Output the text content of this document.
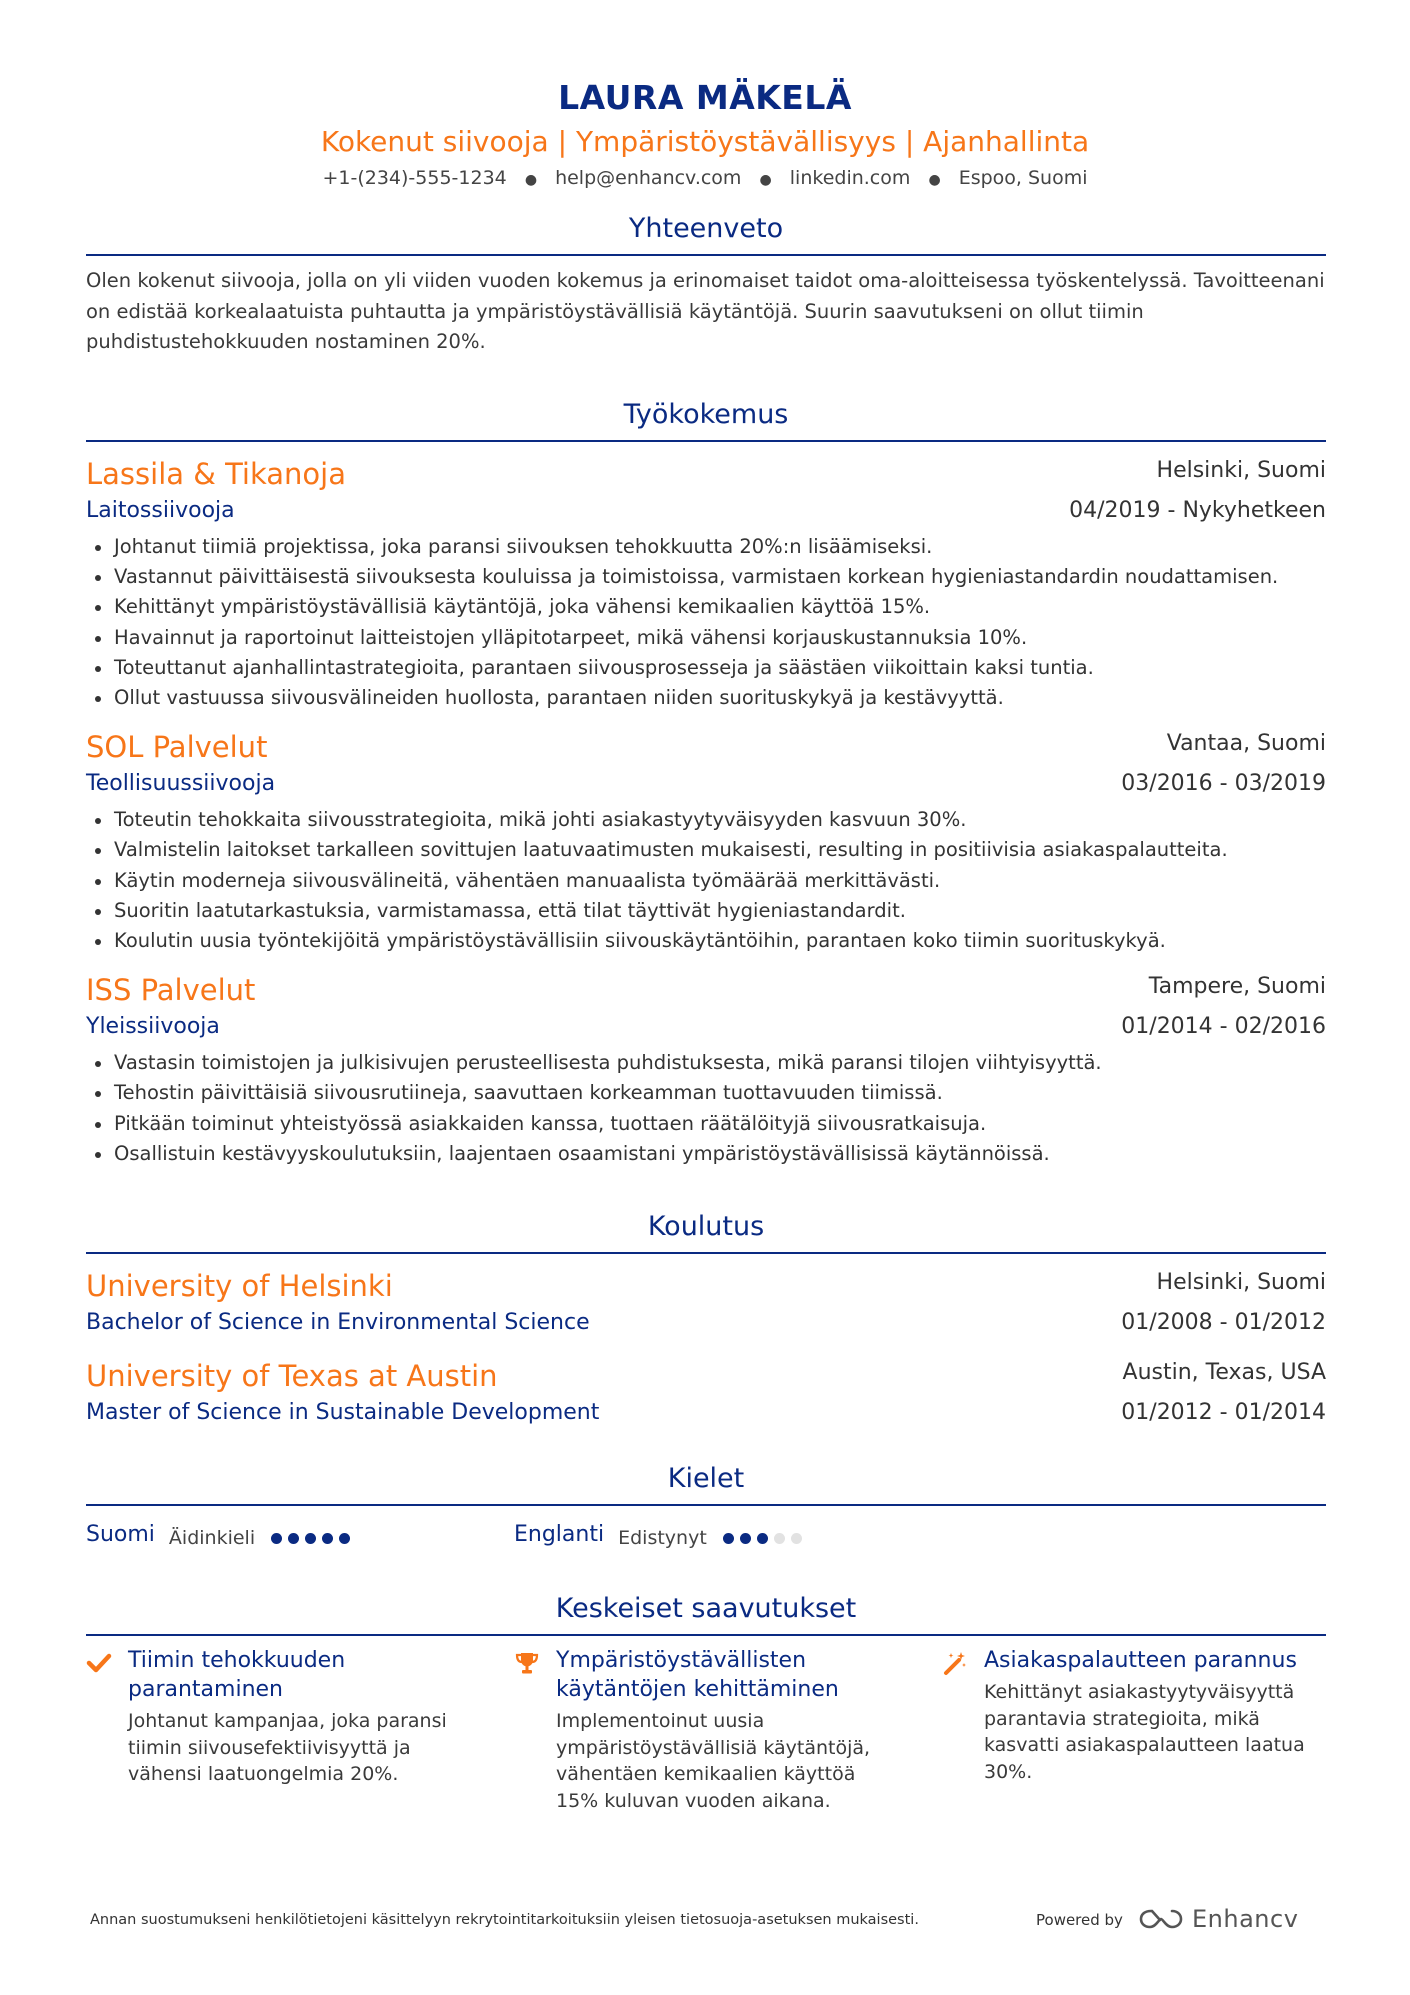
LAURA MÄKELÄ
Kokenut siivooja | Ympäristöystävällisyys | Ajanhallinta
+1-(234)-555-1234 ● help@enhancv.com ● linkedin.com ● Espoo, Suomi
Yhteenveto
Olen kokenut siivooja, jolla on yli viiden vuoden kokemus ja erinomaiset taidot oma-aloitteisessa työskentelyssä. Tavoitteenani on edistää korkealaatuista puhtautta ja ympäristöystävällisiä käytäntöjä. Suurin saavutukseni on ollut tiimin puhdistustehokkuuden nostaminen 20%.
Työkokemus
Lassila & Tikanoja	Helsinki, Suomi
Laitossiivooja	04/2019 - Nykyhetkeen
Johtanut tiimiä projektissa, joka paransi siivouksen tehokkuutta 20%:n lisäämiseksi.
Vastannut päivittäisestä siivouksesta kouluissa ja toimistoissa, varmistaen korkean hygieniastandardin noudattamisen.
Kehittänyt ympäristöystävällisiä käytäntöjä, joka vähensi kemikaalien käyttöä 15%.
Havainnut ja raportoinut laitteistojen ylläpitotarpeet, mikä vähensi korjauskustannuksia 10%.
Toteuttanut ajanhallintastrategioita, parantaen siivousprosesseja ja säästäen viikoittain kaksi tuntia.
Ollut vastuussa siivousvälineiden huollosta, parantaen niiden suorituskykyä ja kestävyyttä.
SOL Palvelut	Vantaa, Suomi
Teollisuussiivooja	03/2016 - 03/2019
Toteutin tehokkaita siivousstrategioita, mikä johti asiakastyytyväisyyden kasvuun 30%.
Valmistelin laitokset tarkalleen sovittujen laatuvaatimusten mukaisesti, resulting in positiivisia asiakaspalautteita.
Käytin moderneja siivousvälineitä, vähentäen manuaalista työmäärää merkittävästi.
Suoritin laatutarkastuksia, varmistamassa, että tilat täyttivät hygieniastandardit.
Koulutin uusia työntekijöitä ympäristöystävällisiin siivouskäytäntöihin, parantaen koko tiimin suorituskykyä.
ISS Palvelut	Tampere, Suomi
Yleissiivooja	01/2014 - 02/2016
Vastasin toimistojen ja julkisivujen perusteellisesta puhdistuksesta, mikä paransi tilojen viihtyisyyttä.
Tehostin päivittäisiä siivousrutiineja, saavuttaen korkeamman tuottavuuden tiimissä.
Pitkään toiminut yhteistyössä asiakkaiden kanssa, tuottaen räätälöityjä siivousratkaisuja.
Osallistuin kestävyyskoulutuksiin, laajentaen osaamistani ympäristöystävällisissä käytännöissä.
Koulutus
University of Helsinki	Helsinki, Suomi
Bachelor of Science in Environmental Science	01/2008 - 01/2012
University of Texas at Austin	Austin, Texas, USA
Master of Science in Sustainable Development	01/2012 - 01/2014
Kielet
Suomi Äidinkieli	Englanti Edistynyt
Keskeiset saavutukset
Tiimin tehokkuuden parantaminen
Johtanut kampanjaa, joka paransi tiimin siivousefektiivisyyttä ja vähensi laatuongelmia 20%.
Ympäristöystävällisten käytäntöjen kehittäminen
Implementoinut uusia ympäristöystävällisiä käytäntöjä, vähentäen kemikaalien käyttöä 15% kuluvan vuoden aikana.
Asiakaspalautteen parannus
Kehittänyt asiakastyytyväisyyttä parantavia strategioita, mikä kasvatti asiakaspalautteen laatua 30%.
Annan suostumukseni henkilötietojeni käsittelyyn rekrytointitarkoituksiin yleisen tietosuoja-asetuksen mukaisesti.	Powered by	Enhancv
